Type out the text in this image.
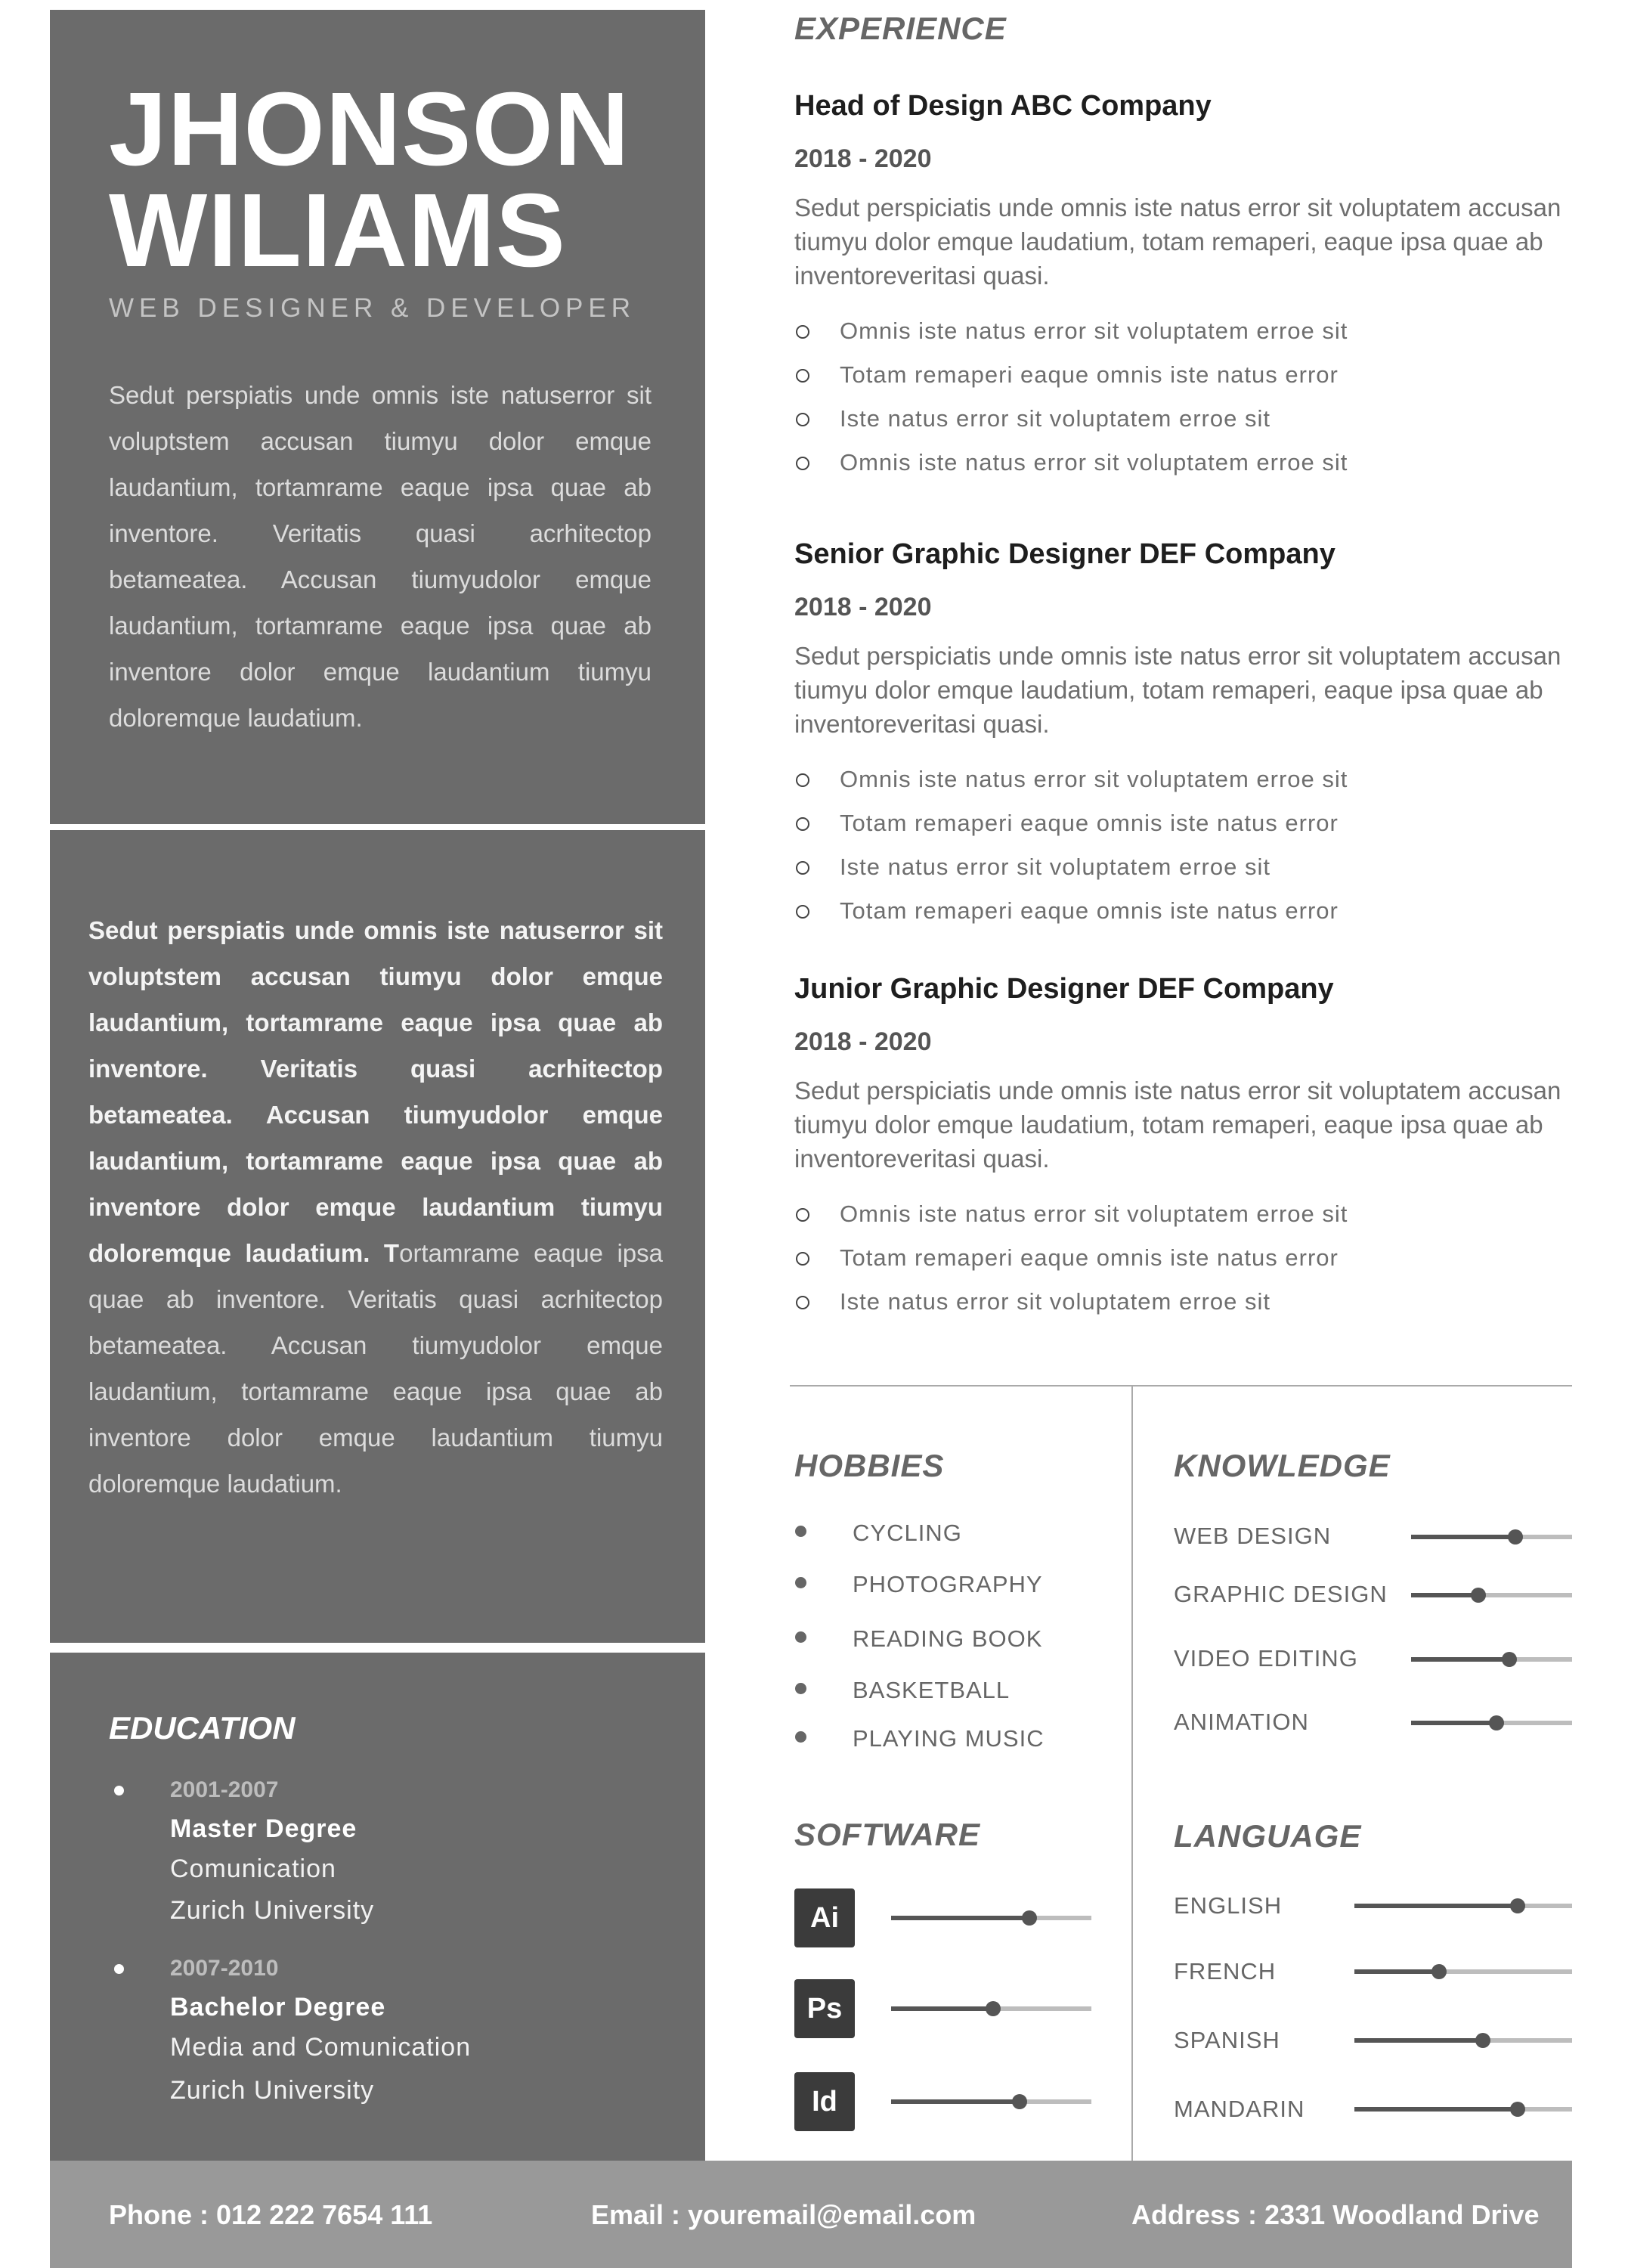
JHONSON
WILIAMS
WEB DESIGNER & DEVELOPER
Sedut perspiatis unde omnis iste natuserror sit voluptstem accusan tiumyu dolor emque laudantium, tortamrame eaque ipsa quae ab inventore. Veritatis quasi acrhitectop betameatea. Accusan tiumyudolor emque laudantium, tortamrame eaque ipsa quae ab inventore dolor emque laudantium tiumyu doloremque laudatium.
Sedut perspiatis unde omnis iste natuserror sit voluptstem accusan tiumyu dolor emque laudantium, tortamrame eaque ipsa quae ab inventore. Veritatis quasi acrhitectop betameatea. Accusan tiumyudolor emque laudantium, tortamrame eaque ipsa quae ab inventore dolor emque laudantium tiumyu doloremque laudatium. Tortamrame eaque ipsa quae ab inventore. Veritatis quasi acrhitectop betameatea. Accusan tiumyudolor emque laudantium, tortamrame eaque ipsa quae ab inventore dolor emque laudantium tiumyu doloremque laudatium.
EDUCATION
2001-2007
Master Degree
Comunication
Zurich University
2007-2010
Bachelor Degree
Media and Comunication
Zurich University
EXPERIENCE
Head of Design ABC Company
2018 - 2020
Sedut perspiciatis unde omnis iste natus error sit voluptatem accusan tiumyu dolor emque laudatium, totam remaperi, eaque ipsa quae ab inventoreveritasi quasi.
Omnis iste natus error sit voluptatem erroe sit
Totam remaperi eaque omnis iste natus error
Iste natus error sit voluptatem erroe sit
Omnis iste natus error sit voluptatem erroe sit
Senior Graphic Designer DEF Company
2018 - 2020
Sedut perspiciatis unde omnis iste natus error sit voluptatem accusan tiumyu dolor emque laudatium, totam remaperi, eaque ipsa quae ab inventoreveritasi quasi.
Omnis iste natus error sit voluptatem erroe sit
Totam remaperi eaque omnis iste natus error
Iste natus error sit voluptatem erroe sit
Totam remaperi eaque omnis iste natus error
Junior Graphic Designer DEF Company
2018 - 2020
Sedut perspiciatis unde omnis iste natus error sit voluptatem accusan tiumyu dolor emque laudatium, totam remaperi, eaque ipsa quae ab inventoreveritasi quasi.
Omnis iste natus error sit voluptatem erroe sit
Totam remaperi eaque omnis iste natus error
Iste natus error sit voluptatem erroe sit
HOBBIES
CYCLING
PHOTOGRAPHY
READING BOOK
BASKETBALL
PLAYING MUSIC
KNOWLEDGE
WEB DESIGN
GRAPHIC DESIGN
VIDEO EDITING
ANIMATION
SOFTWARE
Ai
Ps
Id
LANGUAGE
ENGLISH
FRENCH
SPANISH
MANDARIN
Phone : 012 222 7654 111	Email : youremail@email.com	Address : 2331 Woodland Drive
